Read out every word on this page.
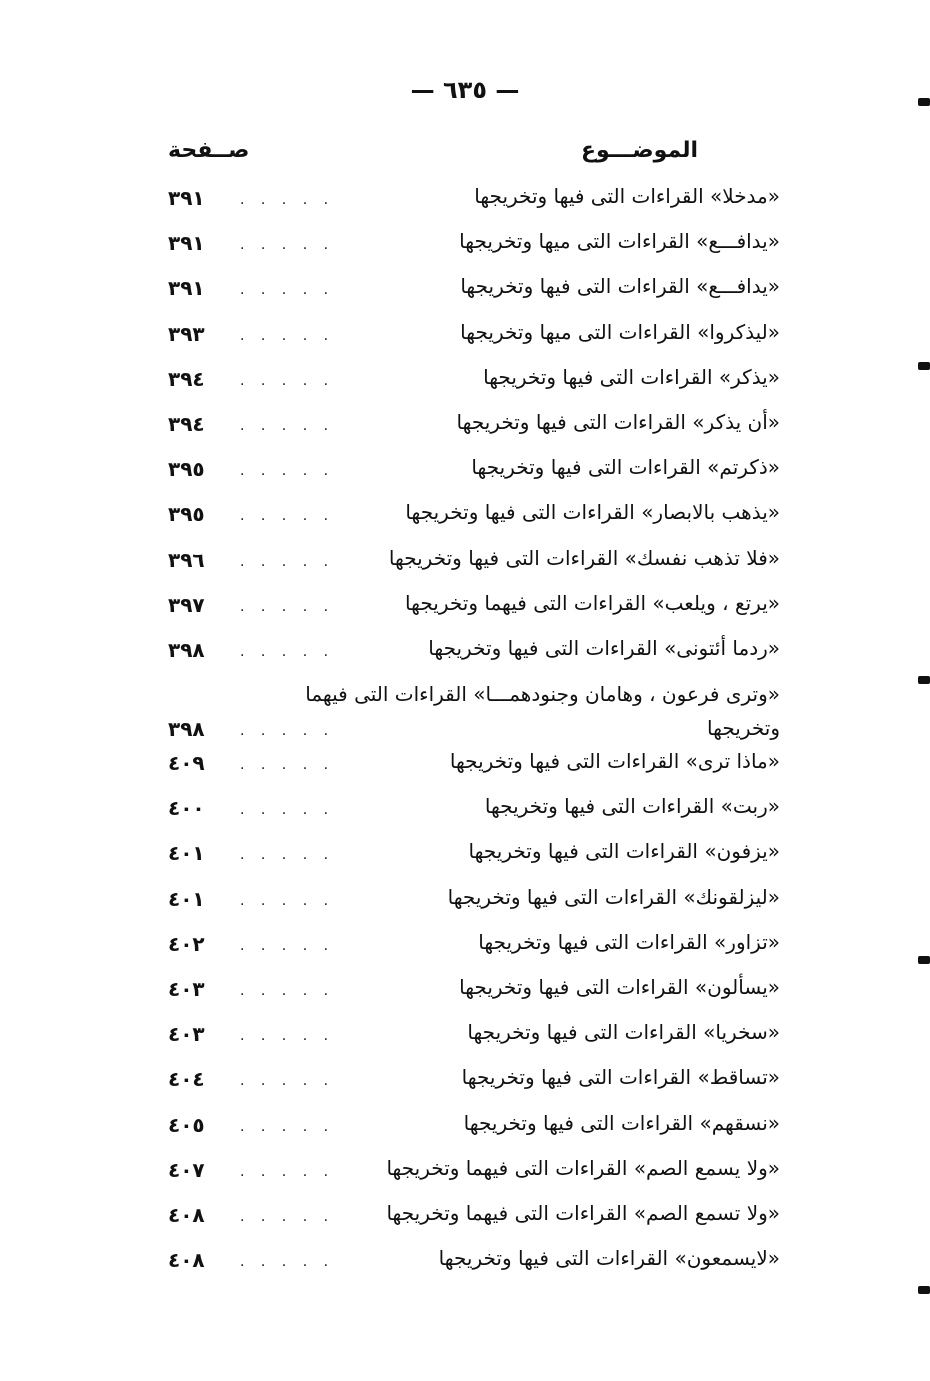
— ٦٣٥ —
الموضـــوع
صــفحة
«مدخلا» القراءات التى فيها وتخريجها
. . . . .
٣٩١
«يدافـــع» القراءات التى ميها وتخريجها
. . . . .
٣٩١
«يدافـــع» القراءات التى فيها وتخريجها
. . . . .
٣٩١
«ليذكروا» القراءات التى ميها وتخريجها
. . . . .
٣٩٣
«يذكر» القراءات التى فيها وتخريجها
. . . . .
٣٩٤
«أن يذكر» القراءات التى فيها وتخريجها
. . . . .
٣٩٤
«ذكرتم» القراءات التى فيها وتخريجها
. . . . .
٣٩٥
«يذهب بالابصار» القراءات التى فيها وتخريجها
. . . . .
٣٩٥
«فلا تذهب نفسك» القراءات التى فيها وتخريجها
. . . . .
٣٩٦
«يرتع ، ويلعب» القراءات التى فيهما وتخريجها
. . . . .
٣٩٧
«ردما أئتونى» القراءات التى فيها وتخريجها
. . . . .
٣٩٨
«وترى فرعون ، وهامان وجنودهمـــا» القراءات التى فيهما وتخريجها
. . . . .
٣٩٨
«ماذا ترى» القراءات التى فيها وتخريجها
. . . . .
٤٠٩
«ربت» القراءات التى فيها وتخريجها
. . . . .
٤٠٠
«يزفون» القراءات التى فيها وتخريجها
. . . . .
٤٠١
«ليزلقونك» القراءات التى فيها وتخريجها
. . . . .
٤٠١
«تزاور» القراءات التى فيها وتخريجها
. . . . .
٤٠٢
«يسألون» القراءات التى فيها وتخريجها
. . . . .
٤٠٣
«سخريا» القراءات التى فيها وتخريجها
. . . . .
٤٠٣
«تساقط» القراءات التى فيها وتخريجها
. . . . .
٤٠٤
«نسقهم» القراءات التى فيها وتخريجها
. . . . .
٤٠٥
«ولا يسمع الصم» القراءات التى فيهما وتخريجها
. . . . .
٤٠٧
«ولا تسمع الصم» القراءات التى فيهما وتخريجها
. . . . .
٤٠٨
«لايسمعون» القراءات التى فيها وتخريجها
. . . . .
٤٠٨
